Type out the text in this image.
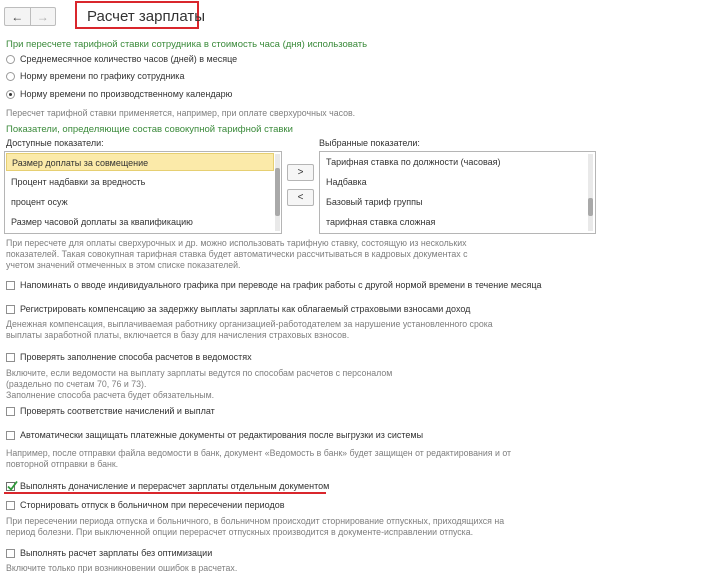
←	→	Расчет зарплаты
При пересчете тарифной ставки сотрудника в стоимость часа (дня) использовать
Среднемесячное количество часов (дней) в месяце
Норму времени по графику сотрудника
Норму времени по производственному календарю
Пересчет тарифной ставки применяется, например, при оплате сверхурочных часов.
Показатели, определяющие состав совокупной тарифной ставки
Доступные показатели:	Выбранные показатели:
Размер доплаты за совмещение
Процент надбавки за вредность
процент осуж
Размер часовой доплаты за квапификацию
>
<
Тарифная ставка по должности (часовая)
Надбавка
Базовый тариф группы
тарифная ставка сложная
При пересчете для оплаты сверхурочных и др. можно использовать тарифную ставку, состоящую из нескольких
показателей. Такая совокупная тарифная ставка будет автоматически рассчитываться в кадровых документах с
учетом значений отмеченных в этом списке показателей.
Напоминать о вводе индивидуального графика при переводе на график работы с другой нормой времени в течение месяца
Регистрировать компенсацию за задержку выплаты зарплаты как облагаемый страховыми взносами доход
Денежная компенсация, выплачиваемая работнику организацией-работодателем за нарушение установленного срока
выплаты заработной платы, включается в базу для начисления страховых взносов.
Проверять заполнение способа расчетов в ведомостях
Включите, если ведомости на выплату зарплаты ведутся по способам расчетов с персоналом
(раздельно по счетам 70, 76 и 73).
Заполнение способа расчета будет обязательным.
Проверять соответствие начислений и выплат
Автоматически защищать платежные документы от редактирования после выгрузки из системы
Например, после отправки файла ведомости в банк, документ «Ведомость в банк» будет защищен от редактирования и от
повторной отправки в банк.
Выполнять доначисление и перерасчет зарплаты отдельным документом
Сторнировать отпуск в больничном при пересечении периодов
При пересечении периода отпуска и больничного, в больничном происходит сторнирование отпускных, приходящихся на
период болезни. При выключенной опции перерасчет отпускных производится в документе-исправлении отпуска.
Выполнять расчет зарплаты без оптимизации
Включите только при возникновении ошибок в расчетах.
